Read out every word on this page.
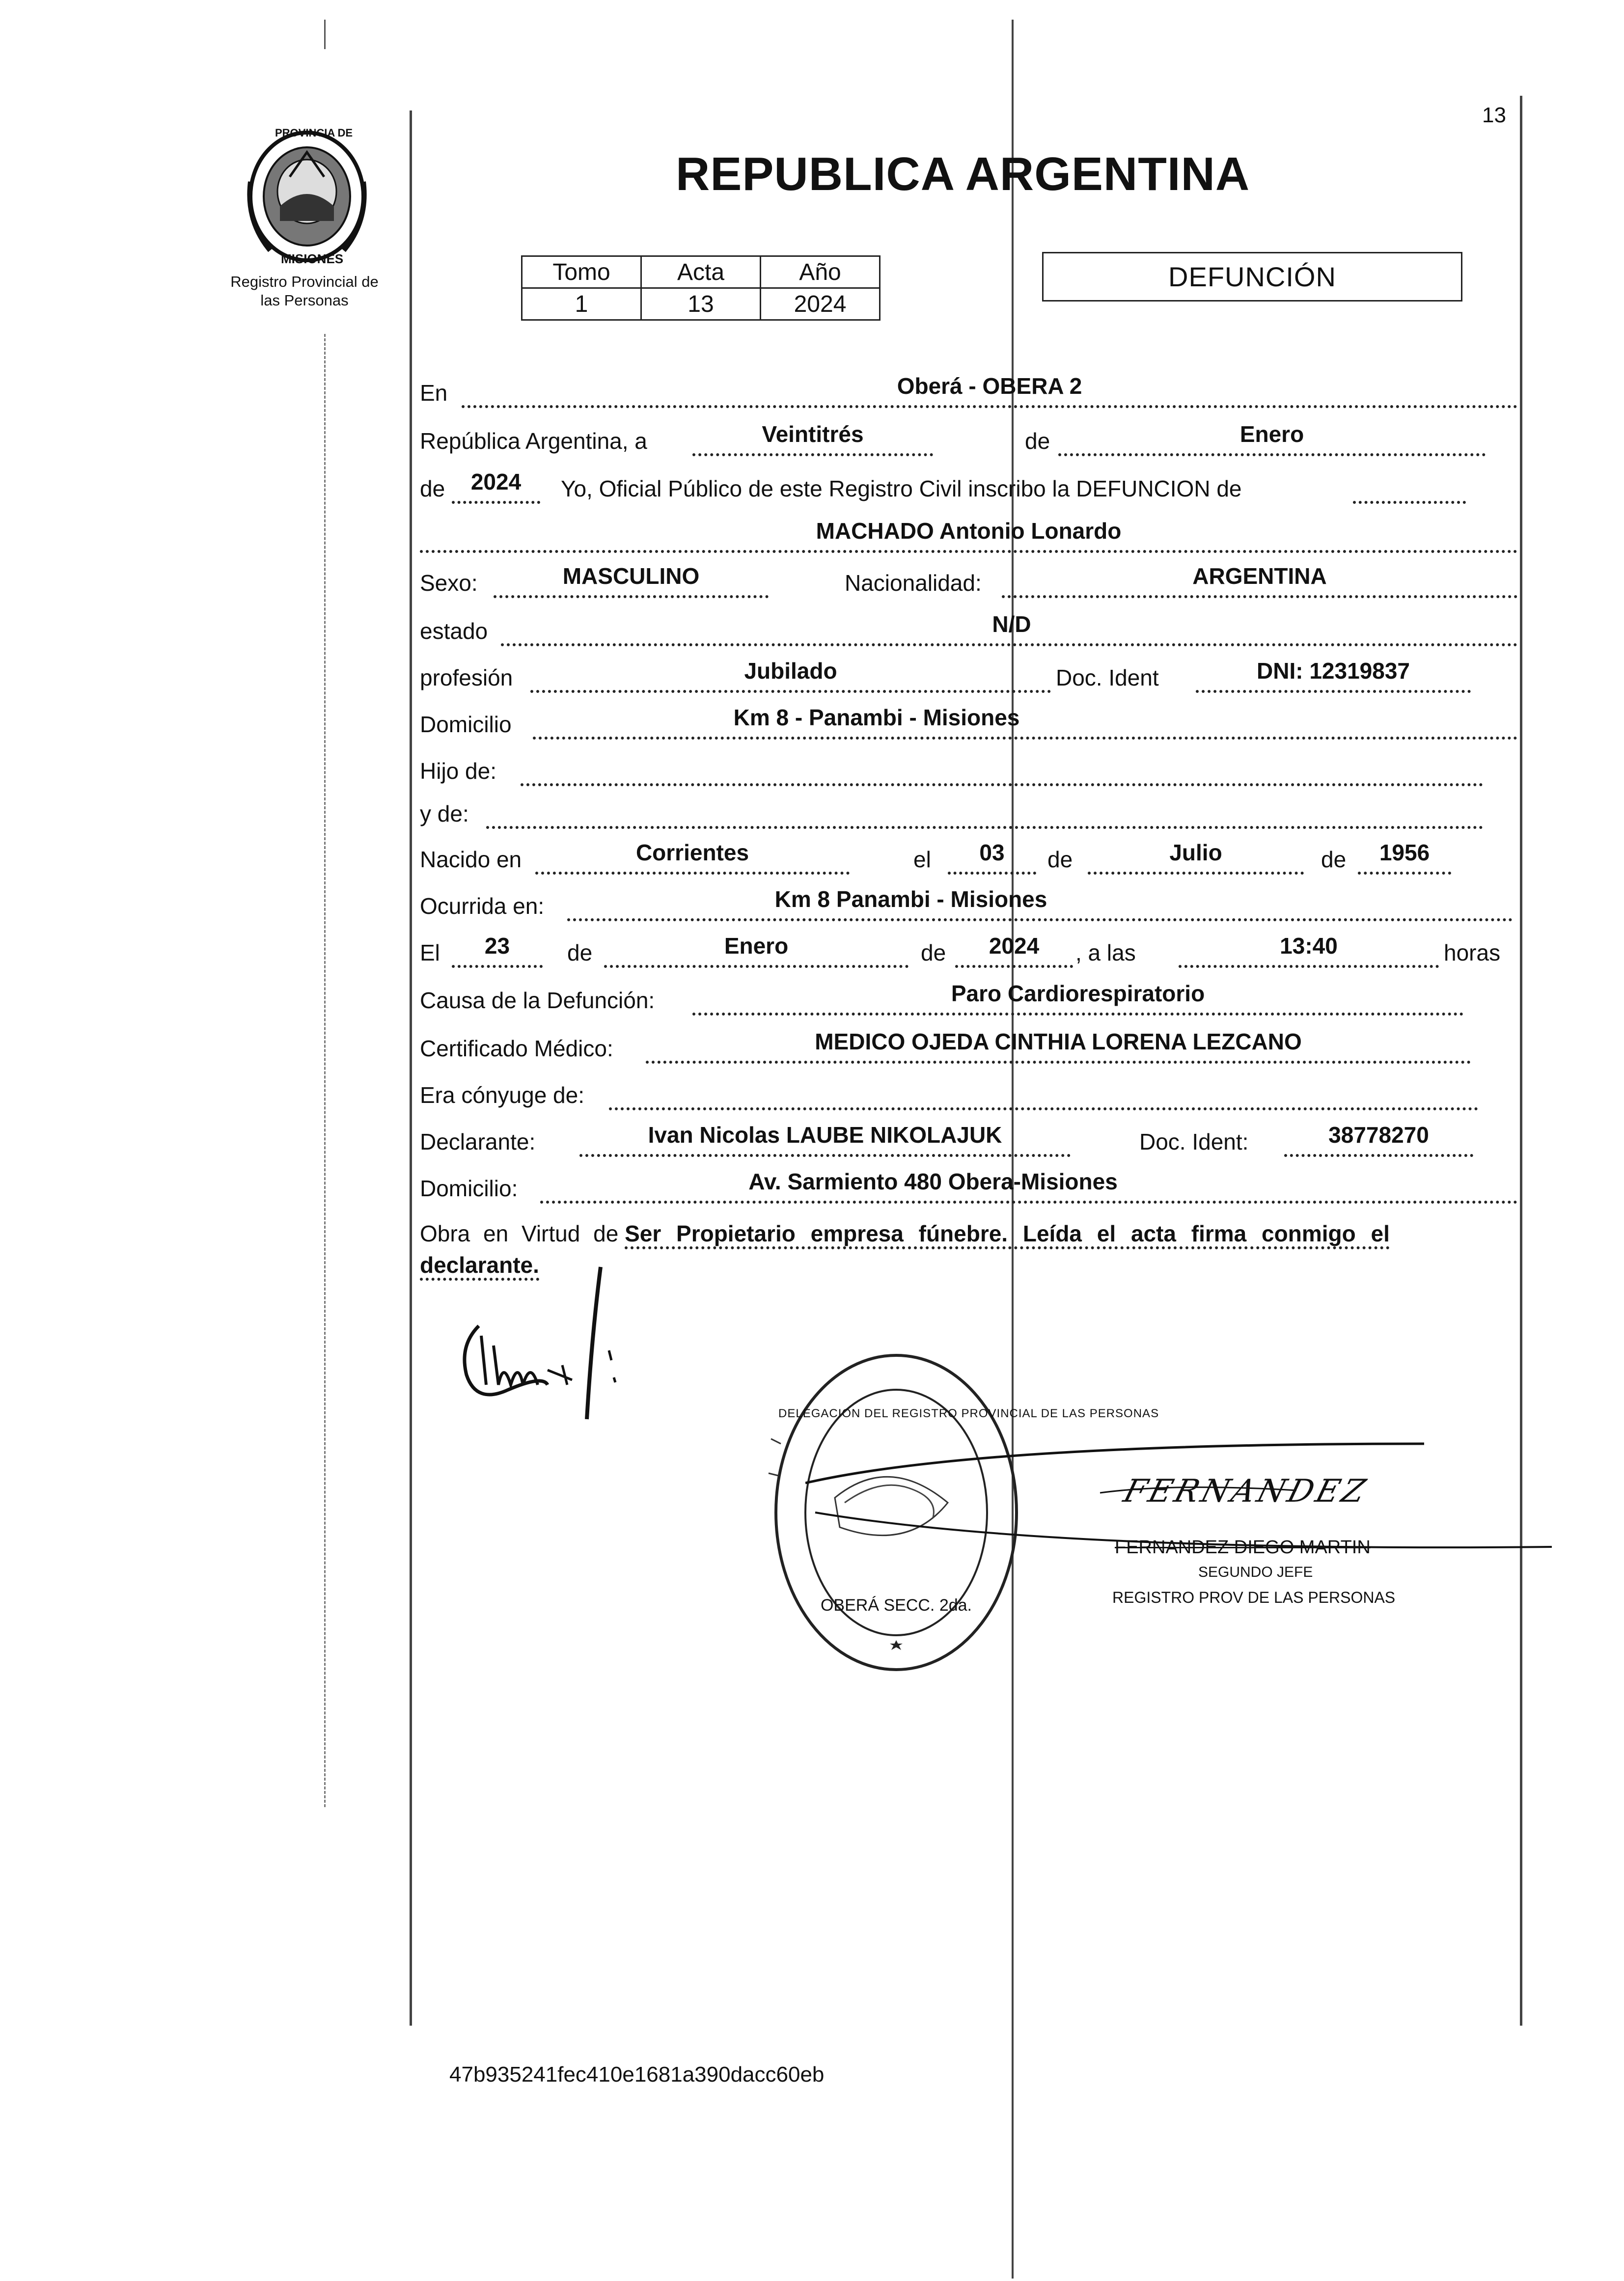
PROVINCIA DE
MISIONES
Registro Provincial de
las Personas
13
REPUBLICA ARGENTINA
Tomo	Acta	Año
1	13	2024
DEFUNCIÓN
En	Oberá - OBERA 2
República Argentina, a	Veintitrés	de	Enero
de	2024	Yo, Oficial Público de este Registro Civil inscribo la DEFUNCION de
MACHADO Antonio Lonardo
Sexo:	MASCULINO	Nacionalidad:	ARGENTINA
estado	N/D
profesión	Jubilado	Doc. Ident	DNI: 12319837
Domicilio	Km 8 - Panambi - Misiones
Hijo de:
y de:
Nacido en	Corrientes	el	03	de	Julio	de	1956
Ocurrida en:	Km 8 Panambi - Misiones
El	23	de	Enero	de	2024	, a las	13:40	horas
Causa de la Defunción:	Paro Cardiorespiratorio
Certificado Médico:	MEDICO OJEDA CINTHIA LORENA LEZCANO
Era cónyuge de:
Declarante:	Ivan Nicolas LAUBE NIKOLAJUK	Doc. Ident:	38778270
Domicilio:	Av. Sarmiento 480 Obera-Misiones
Obra en Virtud de Ser Propietario empresa fúnebre. Leída el acta firma conmigo el declarante.
DELEGACION DEL REGISTRO PROVINCIAL DE LAS PERSONAS
OBERÁ SECC. 2da.
FERNANDEZ
FERNANDEZ DIEGO MARTIN
SEGUNDO JEFE
REGISTRO PROV DE LAS PERSONAS
47b935241fec410e1681a390dacc60eb
